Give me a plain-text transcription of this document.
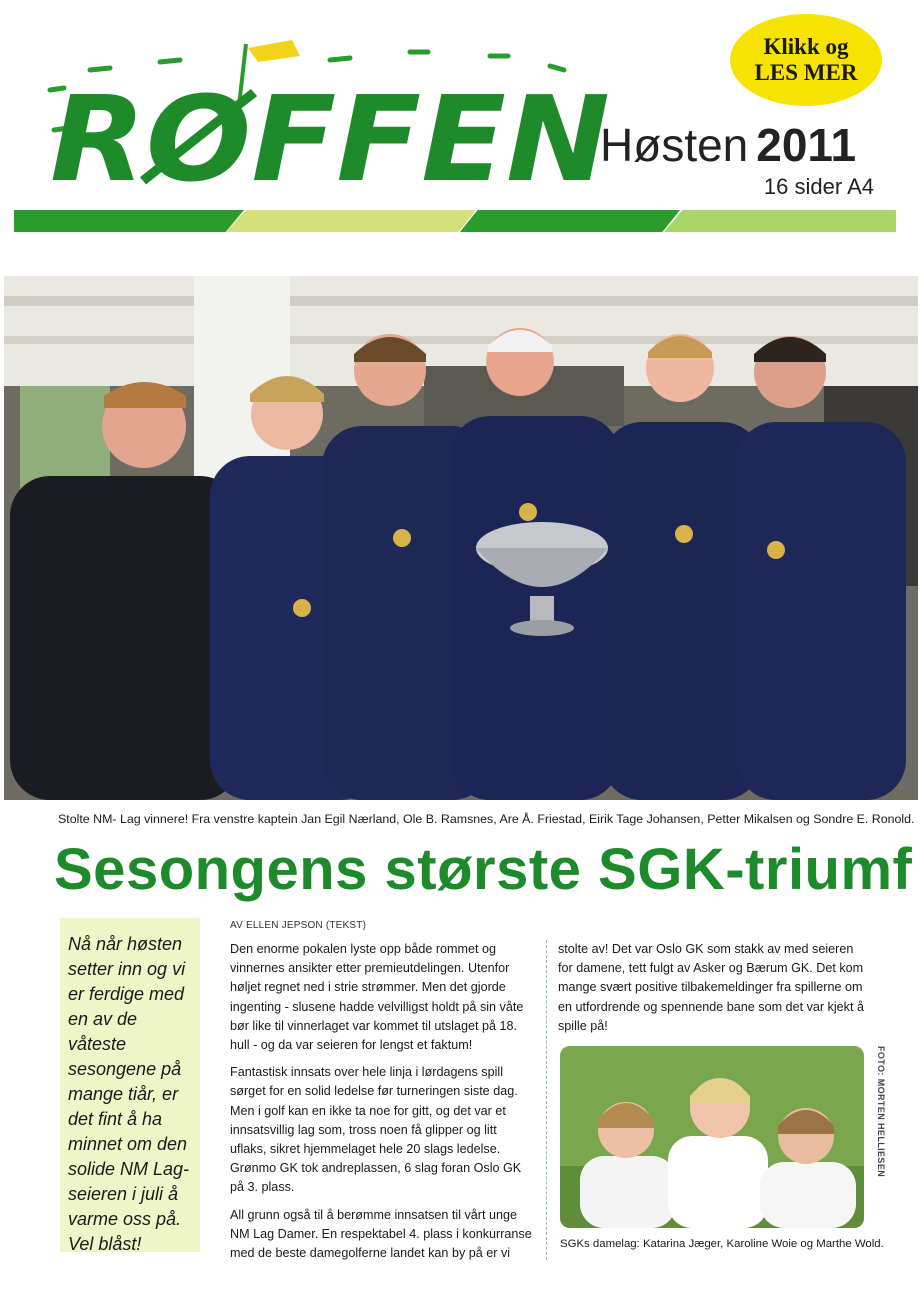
RØFFEN
Klikk og
LES MER
Høsten 2011
16 sider A4
Stolte NM- Lag vinnere! Fra venstre kaptein Jan Egil Nærland, Ole B. Ramsnes, Are Å. Friestad, Eirik Tage Johansen, Petter Mikalsen og Sondre E. Ronold.
Sesongens største SGK-triumf

Nå når høsten setter inn og vi er ferdige med en av de våteste sesongene på mange tiår, er det fint å ha minnet om den solide NM Lag-seieren i juli å varme oss på. Vel blåst!

AV ELLEN JEPSON (TEKST)

Den enorme pokalen lyste opp både rommet og vinnernes ansikter etter premieutdelingen. Utenfor høljet regnet ned i strie strømmer. Men det gjorde ingenting - slusene hadde velvilligst holdt på sin våte bør like til vinnerlaget var kommet til utslaget på 18. hull - og da var seieren for lengst et faktum!

Fantastisk innsats over hele linja i lørdagens spill sørget for en solid ledelse før turneringen siste dag. Men i golf kan en ikke ta noe for gitt, og det var et innsatsvillig lag som, tross noen få glipper og litt uflaks, sikret hjemmelaget hele 20 slags ledelse. Grønmo GK tok andreplassen, 6 slag foran Oslo GK på 3. plass.

All grunn også til å berømme innsatsen til vårt unge NM Lag Damer. En respektabel 4. plass i konkurranse med de beste damegolferne landet kan by på er vi

stolte av! Det var Oslo GK som stakk av med seieren for damene, tett fulgt av Asker og Bærum GK. Det kom mange svært positive tilbakemeldinger fra spillerne om en utfordrende og spennende bane som det var kjekt å spille på!

FOTO: MORTEN HELLIESEN
SGKs damelag: Katarina Jæger, Karoline Woie og Marthe Wold.
